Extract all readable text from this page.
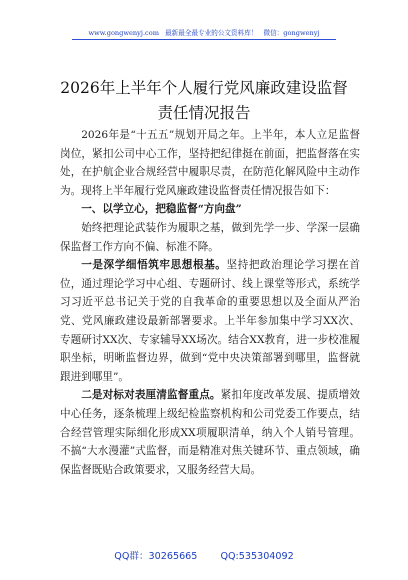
www.gongwenyj.com 最新最全最专业的公文资料库！ 微信：gongwenyj
2026年上半年个人履行党风廉政建设监督责任情况报告

2026年是“十五五”规划开局之年。上半年，本人立足监督岗位，紧扣公司中心工作，坚持把纪律挺在前面，把监督落在实处，在护航企业合规经营中履职尽责，在防范化解风险中主动作为。现将上半年履行党风廉政建设监督责任情况报告如下：

一、以学立心，把稳监督“方向盘”

始终把理论武装作为履职之基，做到先学一步、学深一层确保监督工作方向不偏、标准不降。

一是深学细悟筑牢思想根基。坚持把政治理论学习摆在首位，通过理论学习中心组、专题研讨、线上课堂等形式，系统学习习近平总书记关于党的自我革命的重要思想以及全面从严治党、党风廉政建设最新部署要求。上半年参加集中学习XX次、专题研讨XX次、专家辅导XX场次。结合XX教育，进一步校准履职坐标，明晰监督边界，做到“党中央决策部署到哪里，监督就跟进到哪里”。

二是对标对表厘清监督重点。紧扣年度改革发展、提质增效中心任务，逐条梳理上级纪检监察机构和公司党委工作要点，结合经营管理实际细化形成XX项履职清单，纳入个人销号管理。不搞“大水漫灌”式监督，而是精准对焦关键环节、重点领域，确保监督既贴合政策要求，又服务经营大局。

QQ群：30265665 QQ:535304092
